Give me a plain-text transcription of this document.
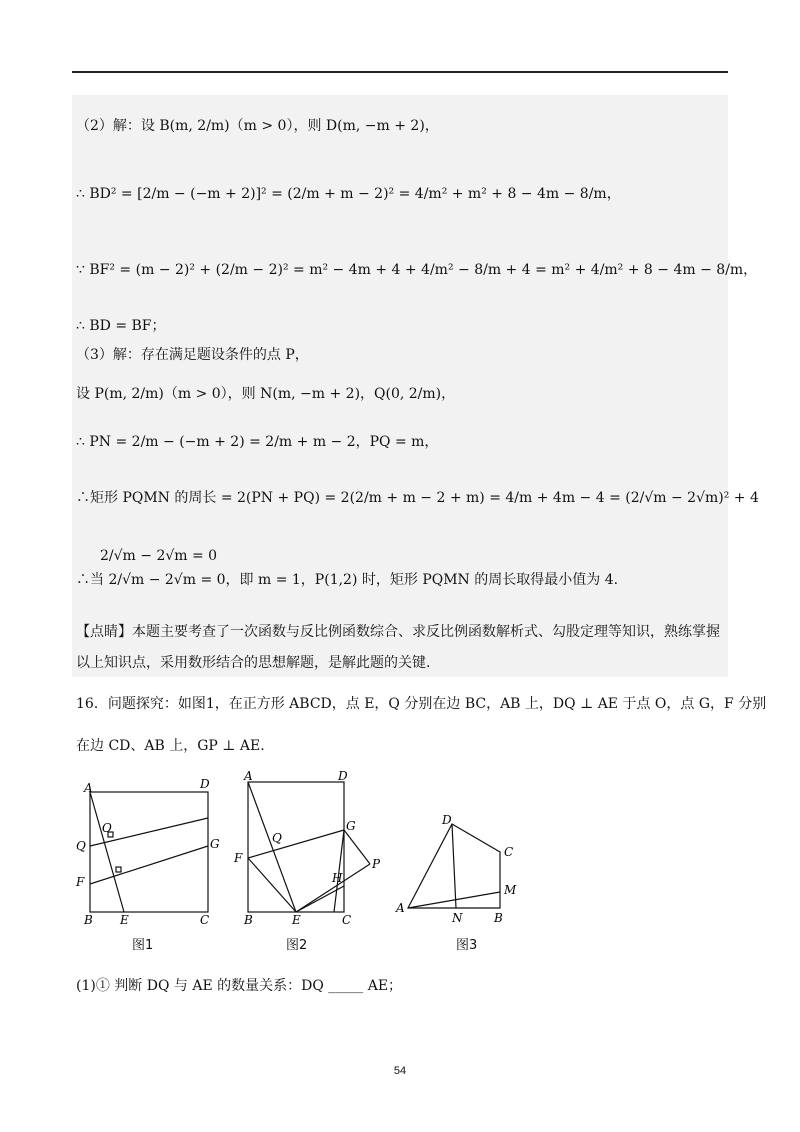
（2）解：设 B(m, 2/m)（m > 0），则 D(m, −m + 2)，
∴ BD² = [2/m − (−m + 2)]² = (2/m + m − 2)² = 4/m² + m² + 8 − 4m − 8/m，
∵ BF² = (m − 2)² + (2/m − 2)² = m² − 4m + 4 + 4/m² − 8/m + 4 = m² + 4/m² + 8 − 4m − 8/m，
∴ BD = BF；
（3）解：存在满足题设条件的点 P，
设 P(m, 2/m)（m > 0），则 N(m, −m + 2)，Q(0, 2/m)，
∴ PN = 2/m − (−m + 2) = 2/m + m − 2，PQ = m，
∴矩形 PQMN 的周长 = 2(PN + PQ) = 2(2/m + m − 2 + m) = 4/m + 4m − 4 = (2/√m − 2√m)² + 4
2/√m − 2√m = 0
∴当 2/√m − 2√m = 0，即 m = 1，P(1,2) 时，矩形 PQMN 的周长取得最小值为 4.
【点睛】本题主要考查了一次函数与反比例函数综合、求反比例函数解析式、勾股定理等知识，熟练掌握
以上知识点，采用数形结合的思想解题，是解此题的关键.
16．问题探究：如图1，在正方形 ABCD，点 E，Q 分别在边 BC，AB 上，DQ ⊥ AE 于点 O，点 G，F 分别
在边 CD、AB 上，GP ⊥ AE.
(1)① 判断 DQ 与 AE 的数量关系：DQ _____ AE；
A	D
Q
O
G
F
B E	C
A	D
Q
G
F	P
H
B	E	C
D
C
M
A
N	B
图1	图2	图3
54
